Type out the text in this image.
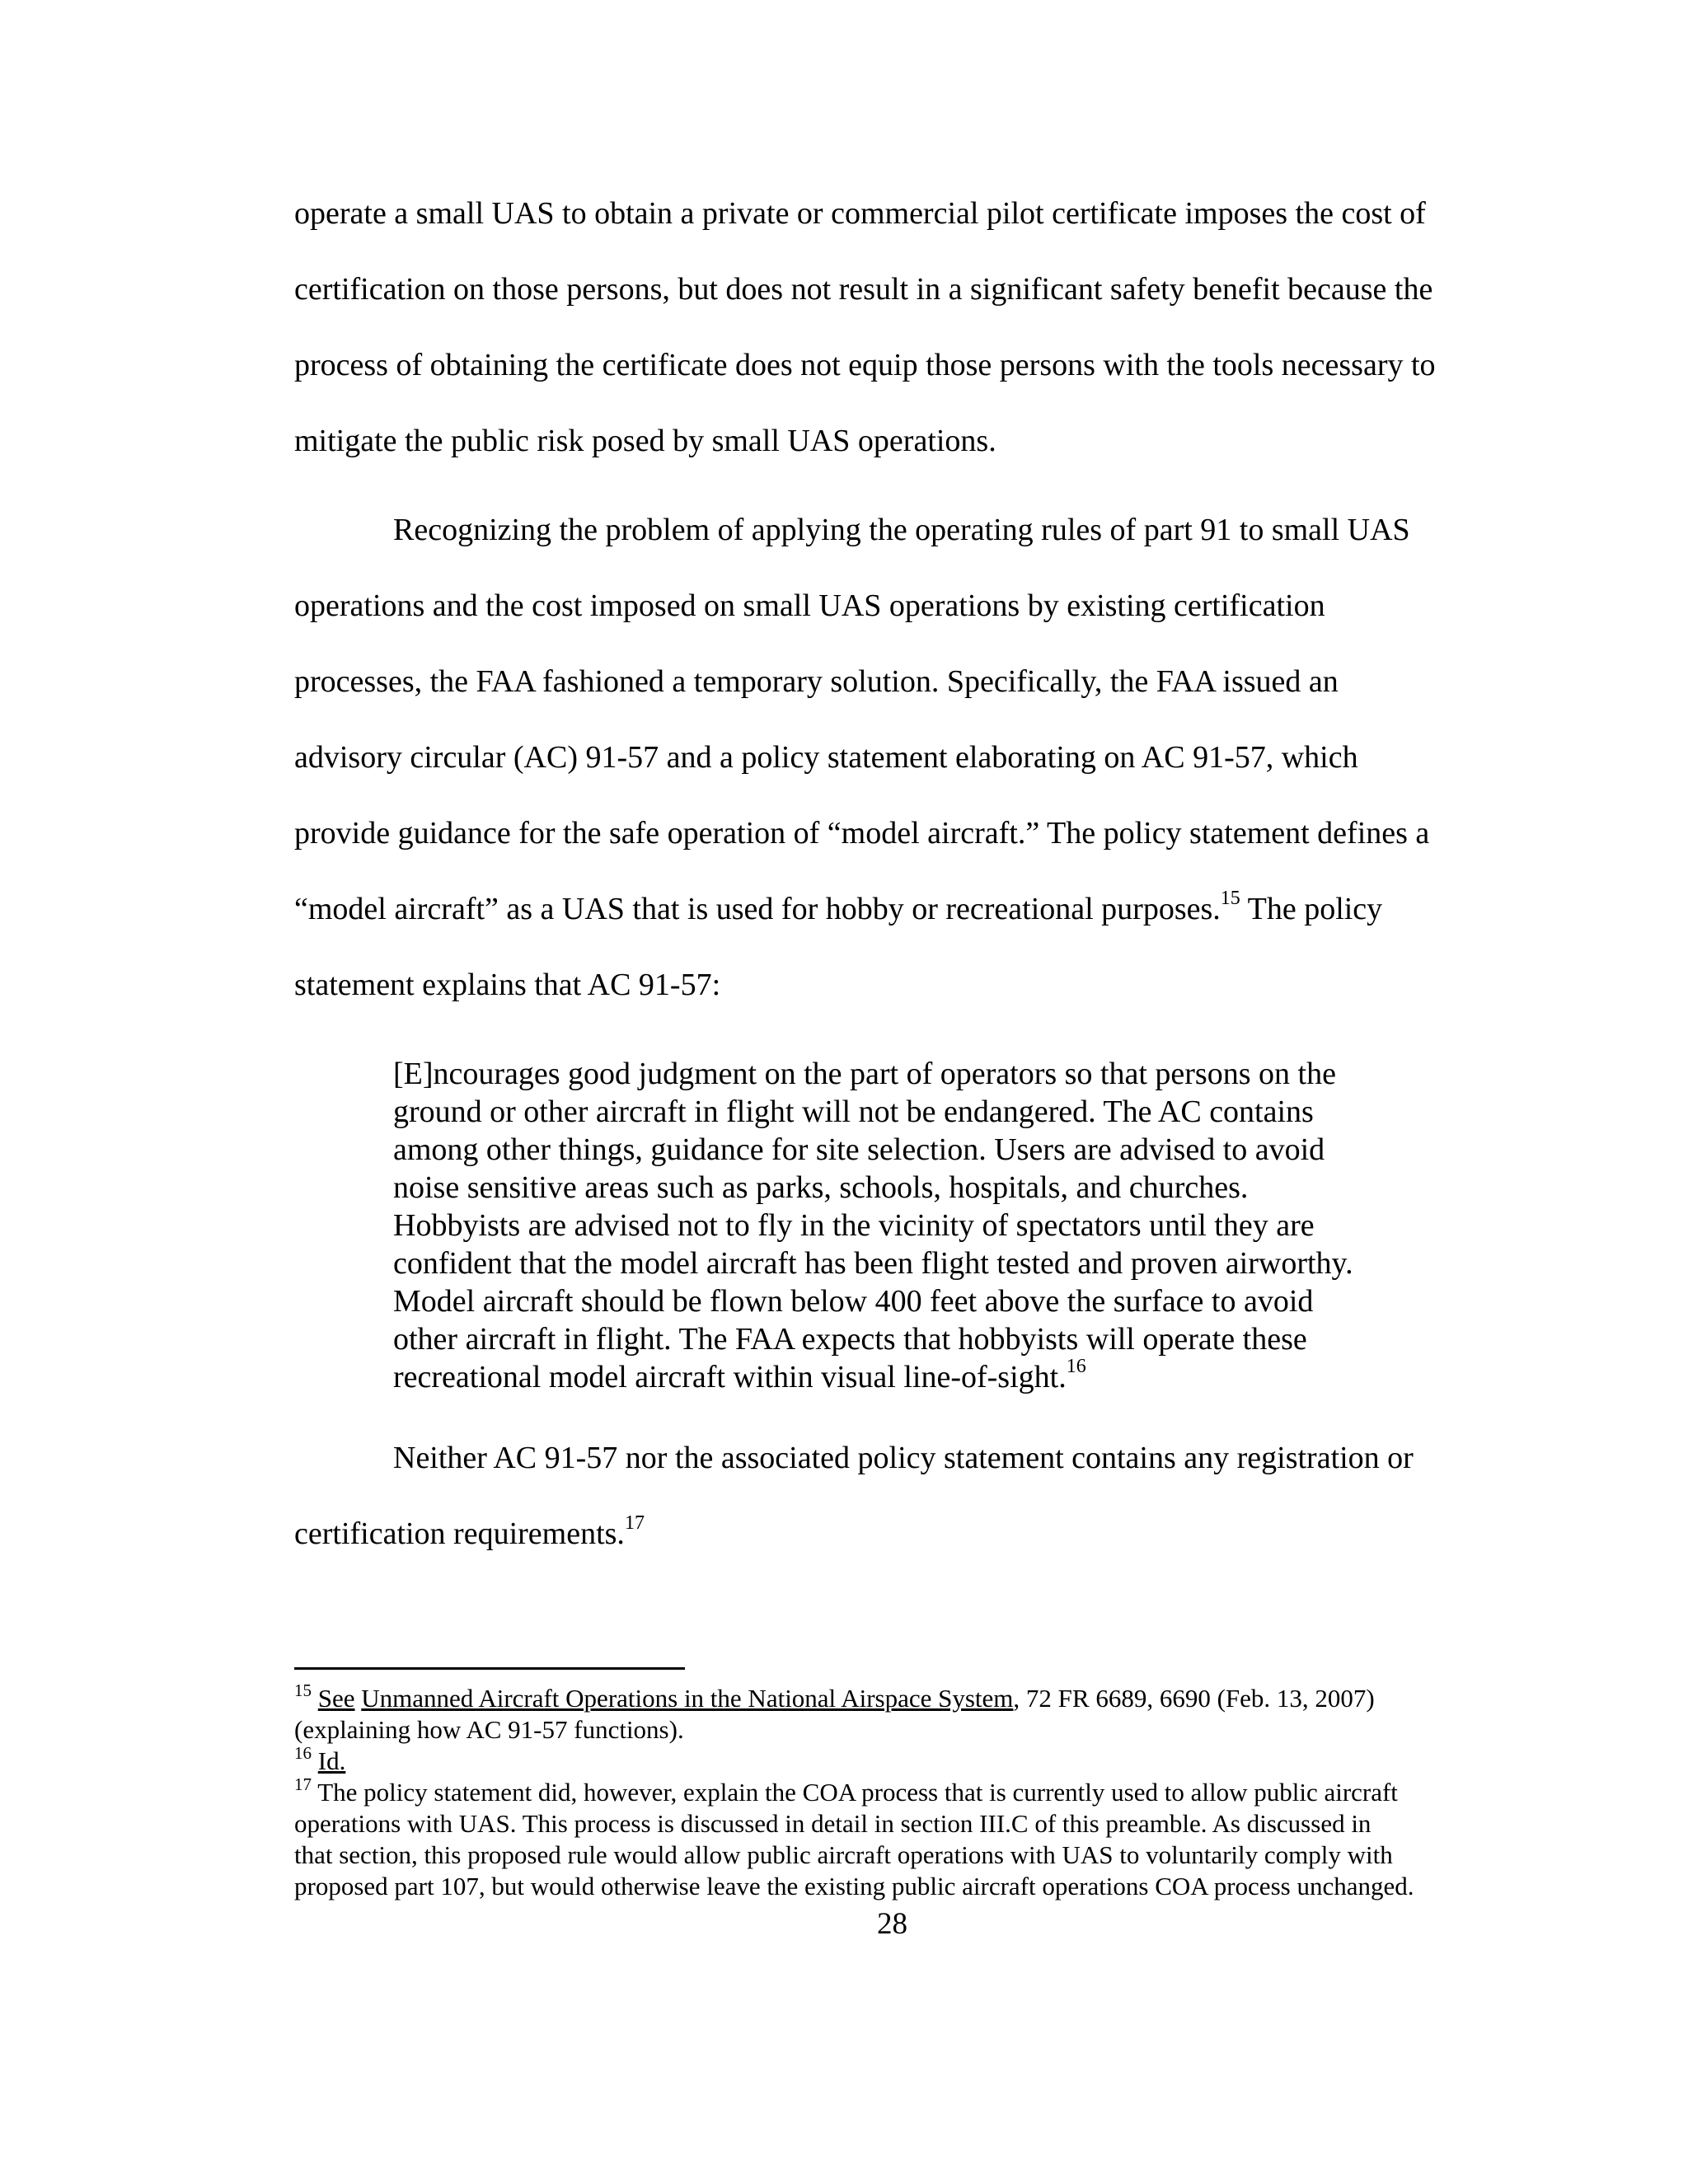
operate a small UAS to obtain a private or commercial pilot certificate imposes the cost of
certification on those persons, but does not result in a significant safety benefit because the
process of obtaining the certificate does not equip those persons with the tools necessary to
mitigate the public risk posed by small UAS operations.
Recognizing the problem of applying the operating rules of part 91 to small UAS
operations and the cost imposed on small UAS operations by existing certification
processes, the FAA fashioned a temporary solution. Specifically, the FAA issued an
advisory circular (AC) 91-57 and a policy statement elaborating on AC 91-57, which
provide guidance for the safe operation of “model aircraft.” The policy statement defines a
“model aircraft” as a UAS that is used for hobby or recreational purposes.$^{15}$ The policy
statement explains that AC 91-57:
[E]ncourages good judgment on the part of operators so that persons on the
ground or other aircraft in flight will not be endangered. The AC contains
among other things, guidance for site selection. Users are advised to avoid
noise sensitive areas such as parks, schools, hospitals, and churches.
Hobbyists are advised not to fly in the vicinity of spectators until they are
confident that the model aircraft has been flight tested and proven airworthy.
Model aircraft should be flown below 400 feet above the surface to avoid
other aircraft in flight. The FAA expects that hobbyists will operate these
recreational model aircraft within visual line-of-sight.$^{16}$
Neither AC 91-57 nor the associated policy statement contains any registration or
certification requirements.$^{17}$
$^{15}$ See Unmanned Aircraft Operations in the National Airspace System, 72 FR 6689, 6690 (Feb. 13, 2007)
(explaining how AC 91-57 functions).
$^{16}$ Id.
$^{17}$ The policy statement did, however, explain the COA process that is currently used to allow public aircraft
operations with UAS. This process is discussed in detail in section III.C of this preamble. As discussed in
that section, this proposed rule would allow public aircraft operations with UAS to voluntarily comply with
proposed part 107, but would otherwise leave the existing public aircraft operations COA process unchanged.
28
